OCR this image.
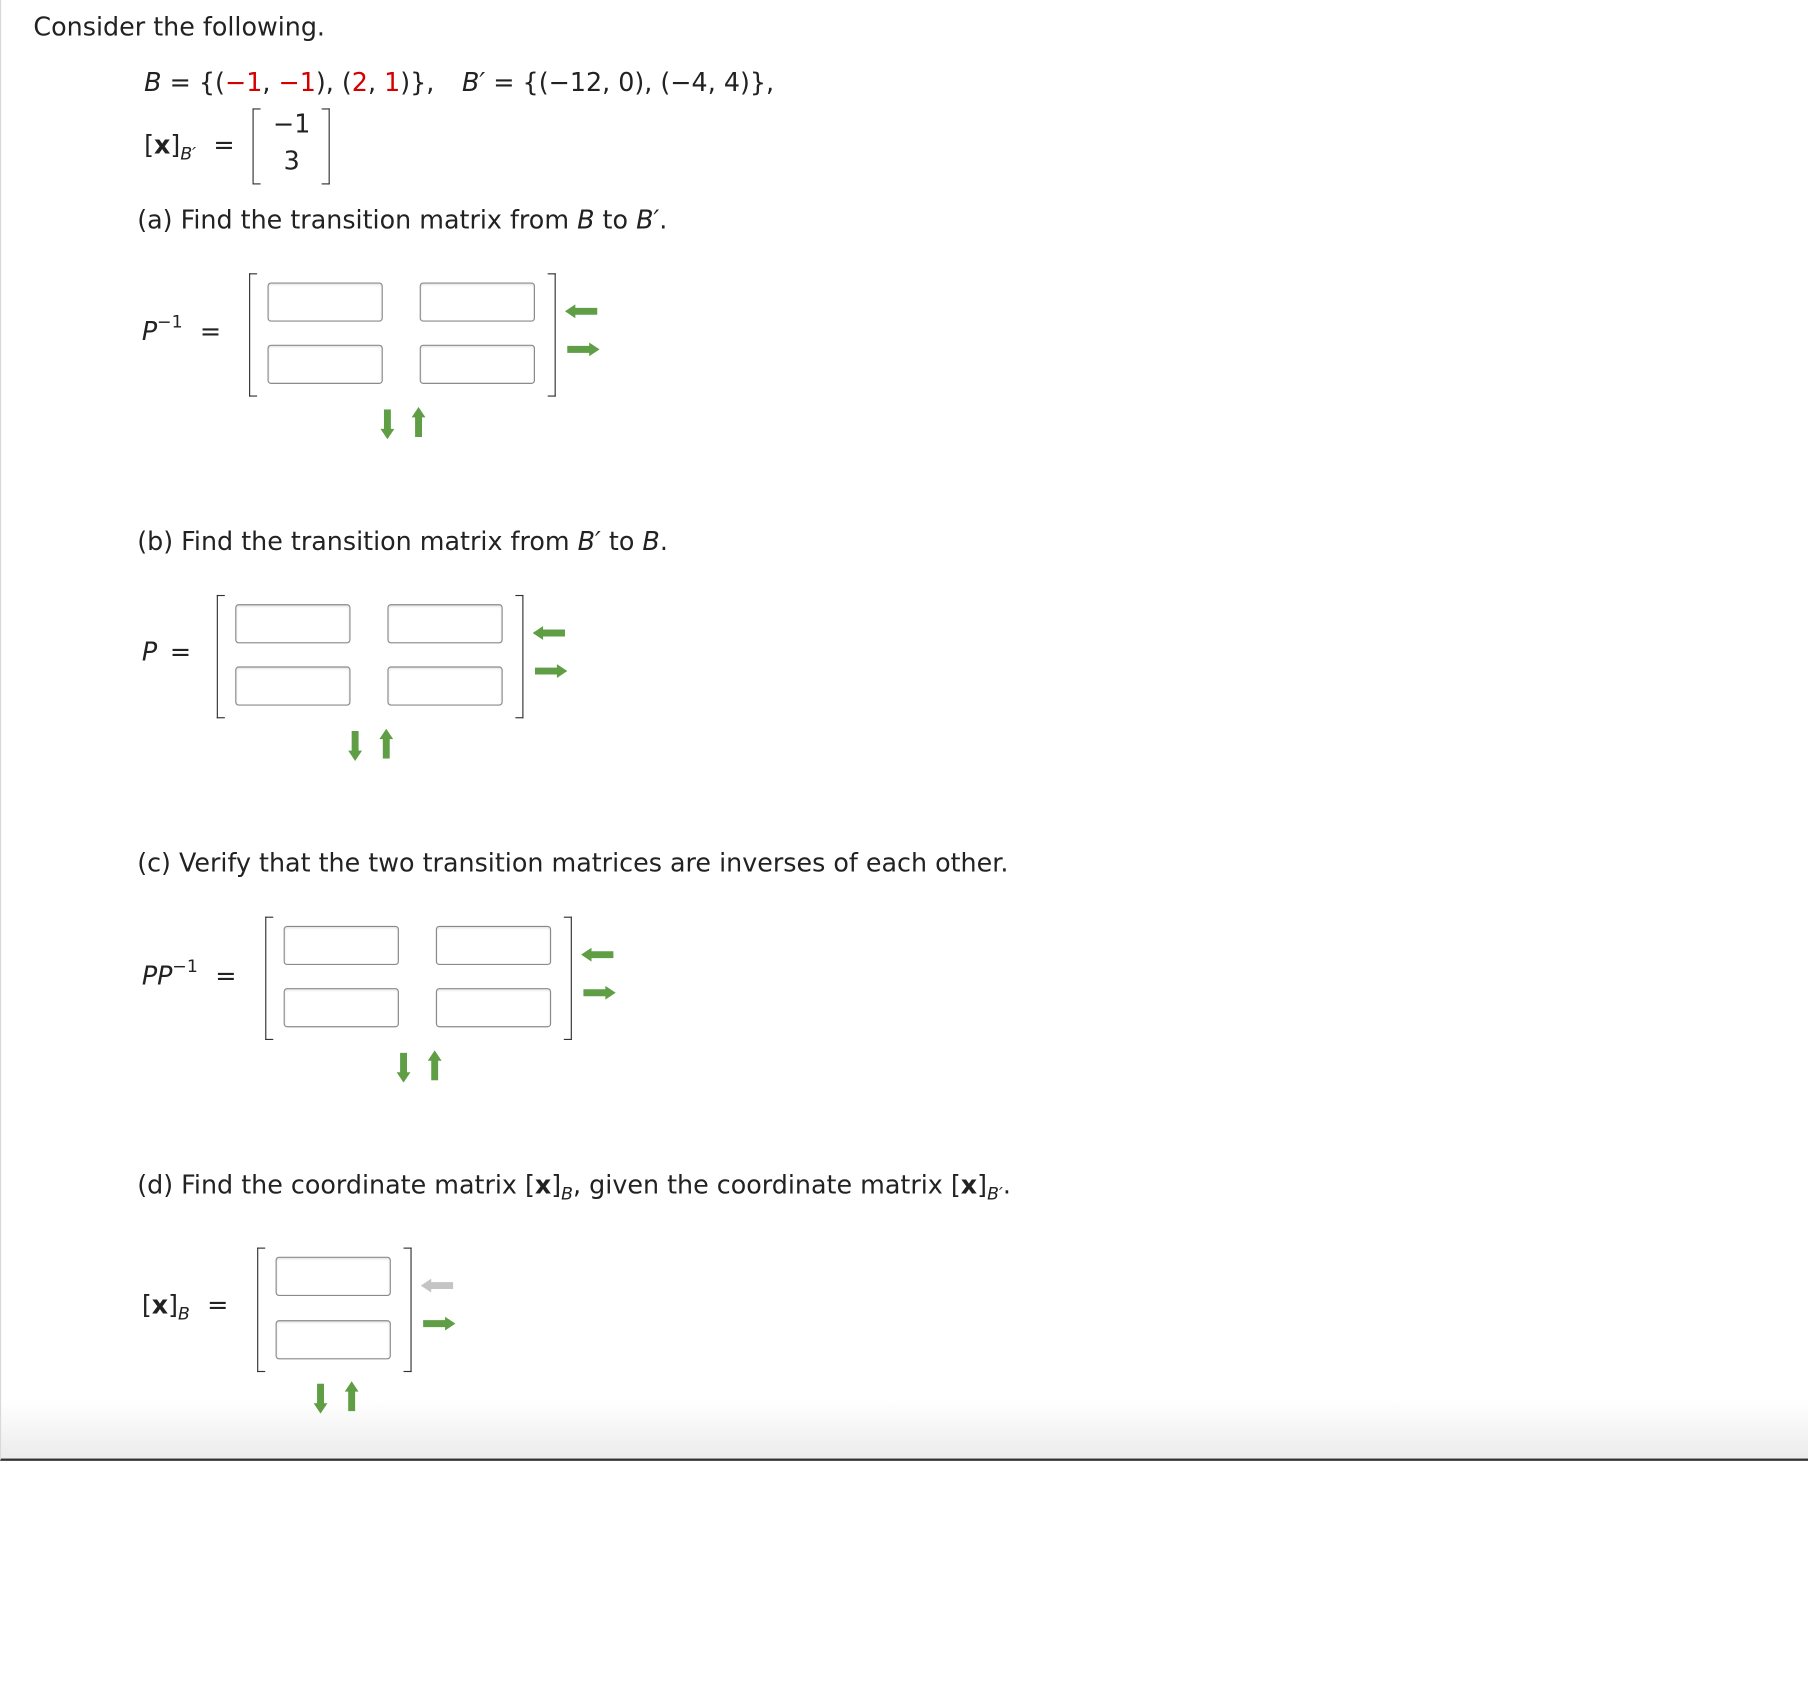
Consider the following.
B = {(−1, −1), (2, 1)}, B′ = {(−12, 0), (−4, 4)},
$[x]_{B'}$ =
−1
3
(a) Find the transition matrix from B to B′.
$P^{-1}$ =
(b) Find the transition matrix from B′ to B.
P =
(c) Verify that the two transition matrices are inverses of each other.
$PP^{-1}$ =
(d) Find the coordinate matrix $[x]_B$, given the coordinate matrix $[x]_{B'}$.
$[x]_B$ =
